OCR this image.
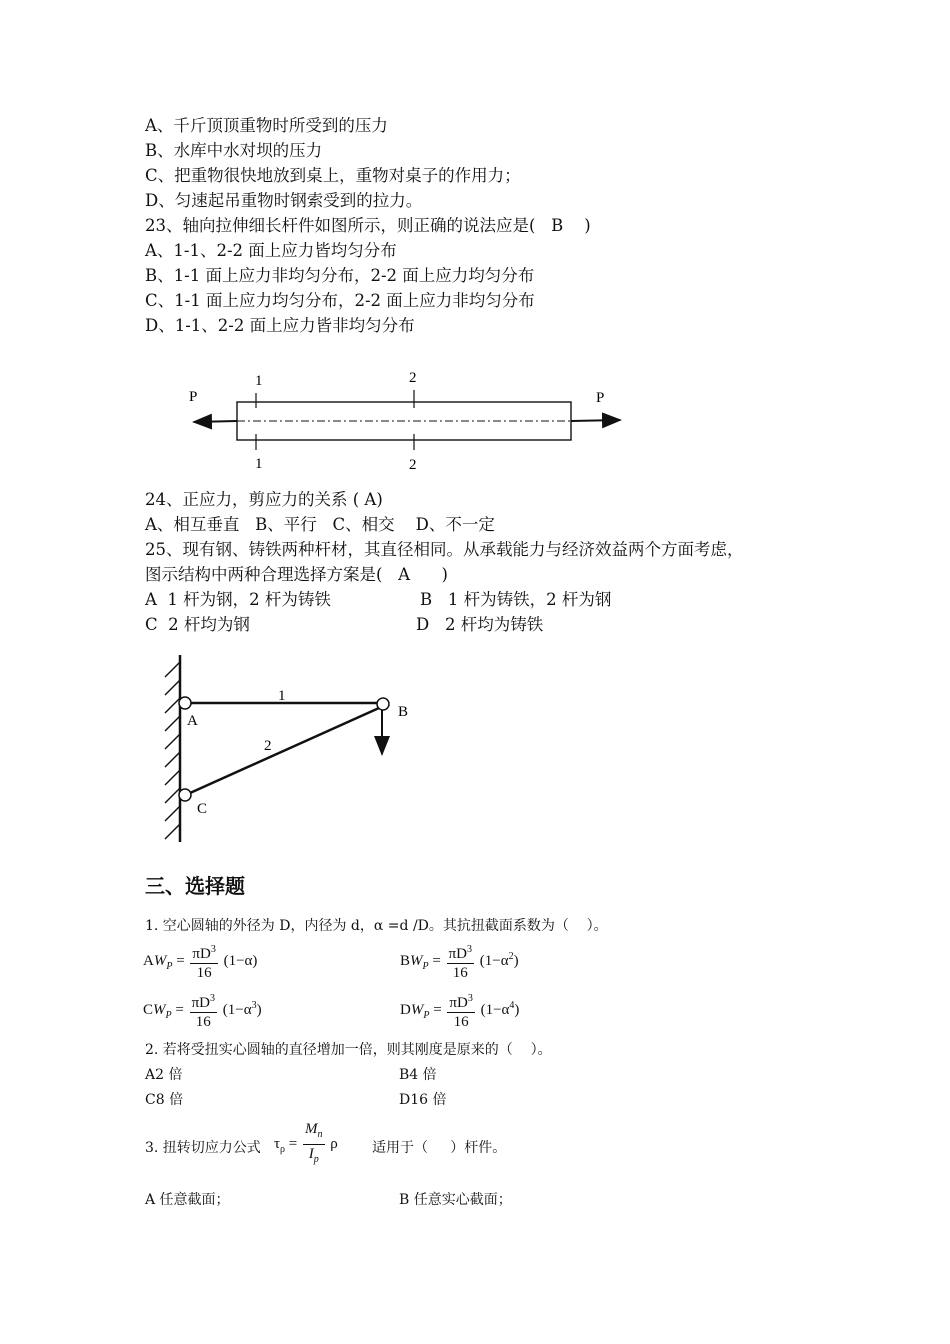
A、千斤顶顶重物时所受到的压力
B、水库中水对坝的压力
C、把重物很快地放到桌上，重物对桌子的作用力；
D、匀速起吊重物时钢索受到的拉力。
23、轴向拉伸细长杆件如图所示，则正确的说法应是(   B    )
A、1-1、2-2 面上应力皆均匀分布
B、1-1 面上应力非均匀分布，2-2 面上应力均匀分布
C、1-1 面上应力均匀分布，2-2 面上应力非均匀分布
D、1-1、2-2 面上应力皆非均匀分布
P	P
1
1
2
2
24、正应力，剪应力的关系 ( A)
A、相互垂直   B、平行   C、相交    D、不一定
25、现有钢、铸铁两种杆材，其直径相同。从承载能力与经济效益两个方面考虑，
图示结构中两种合理选择方案是(   A      )
A  1 杆为钢，2 杆为铸铁	B   1 杆为铸铁，2 杆为钢
C  2 杆均为钢	D   2 杆均为铸铁
A
B
C
1
2
三、选择题
1. 空心圆轴的外径为 D，内径为 d，α =d /D。其抗扭截面系数为（    ）。
$AW_P = \frac{\pi D^3}{16} (1-\alpha)$	$BW_P = \frac{\pi D^3}{16} (1-\alpha^2)$
$CW_P = \frac{\pi D^3}{16} (1-\alpha^3)$	$DW_P = \frac{\pi D^3}{16} (1-\alpha^4)$
2. 若将受扭实心圆轴的直径增加一倍，则其刚度是原来的（    ）。
A2 倍	B4 倍
C8 倍	D16 倍
3. 扭转切应力公式 $\tau_\rho = \frac{M_n}{I_p}$ ρ 适用于（     ）杆件。
A 任意截面；	B 任意实心截面；
